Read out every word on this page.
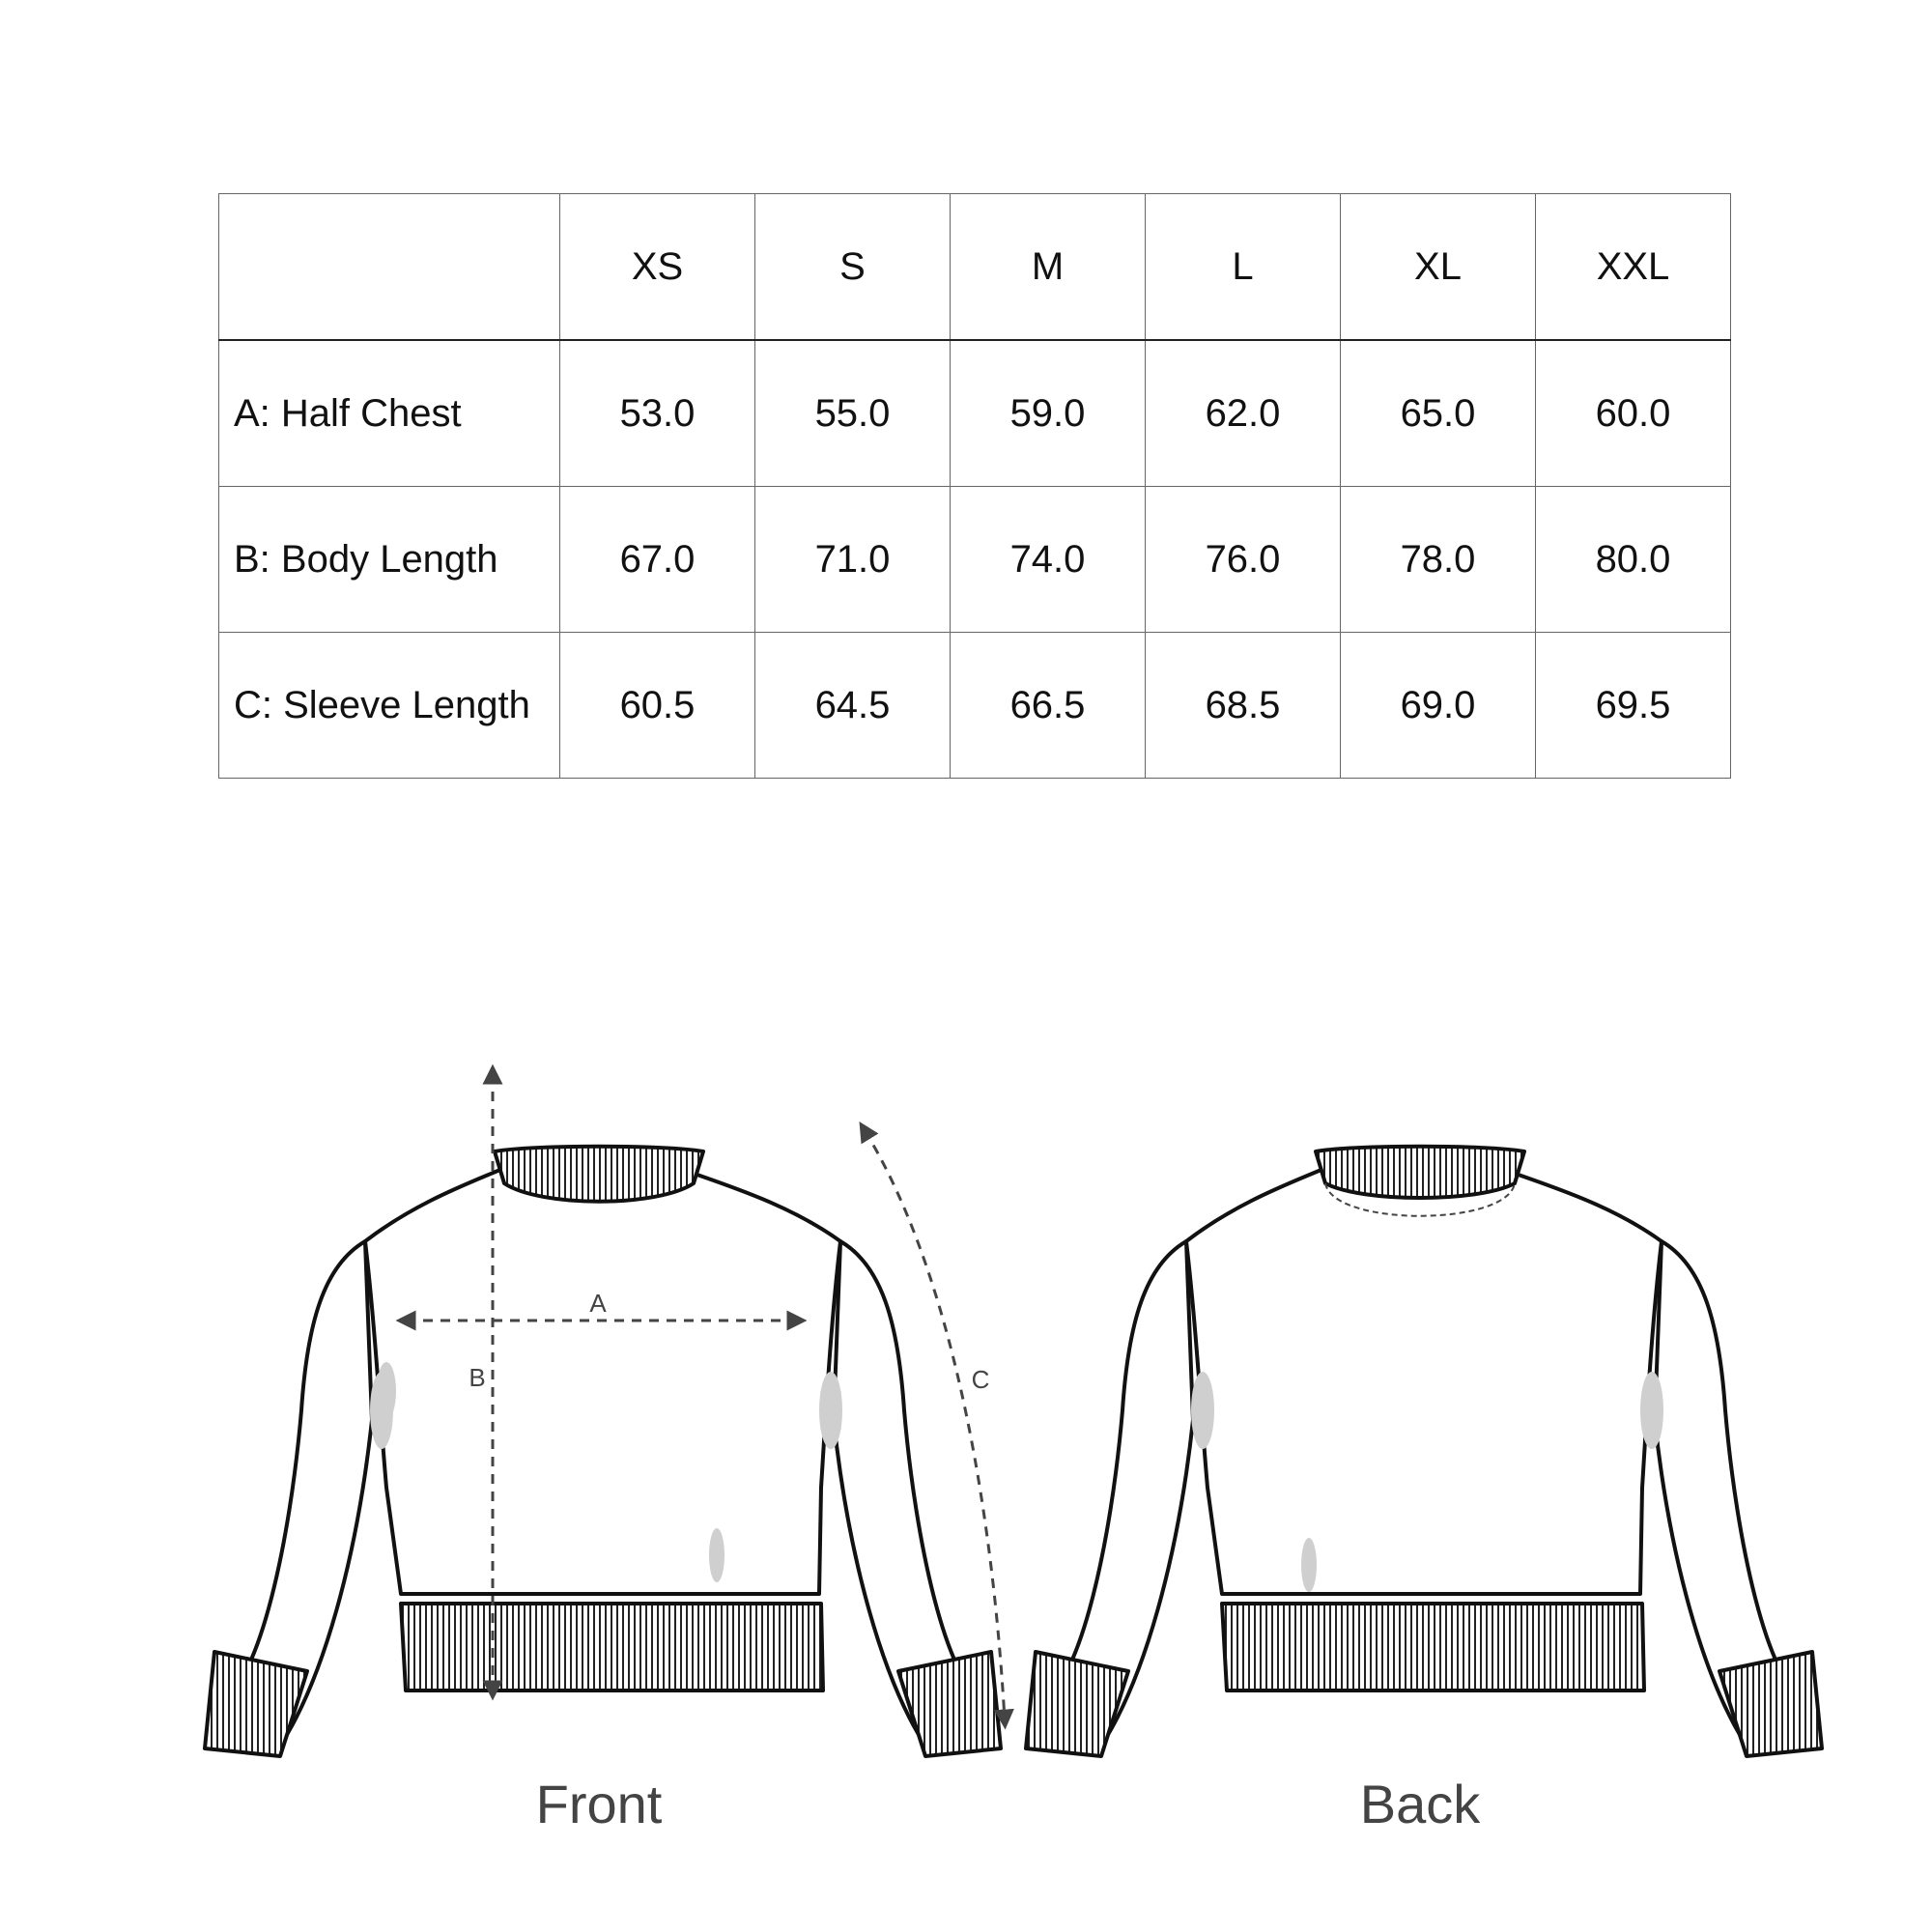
	XS	S	M	L	XL	XXL
A: Half Chest	53.0	55.0	59.0	62.0	65.0	60.0
B: Body Length	67.0	71.0	74.0	76.0	78.0	80.0
C: Sleeve Length	60.5	64.5	66.5	68.5	69.0	69.5
A
B	C
Front	Back
